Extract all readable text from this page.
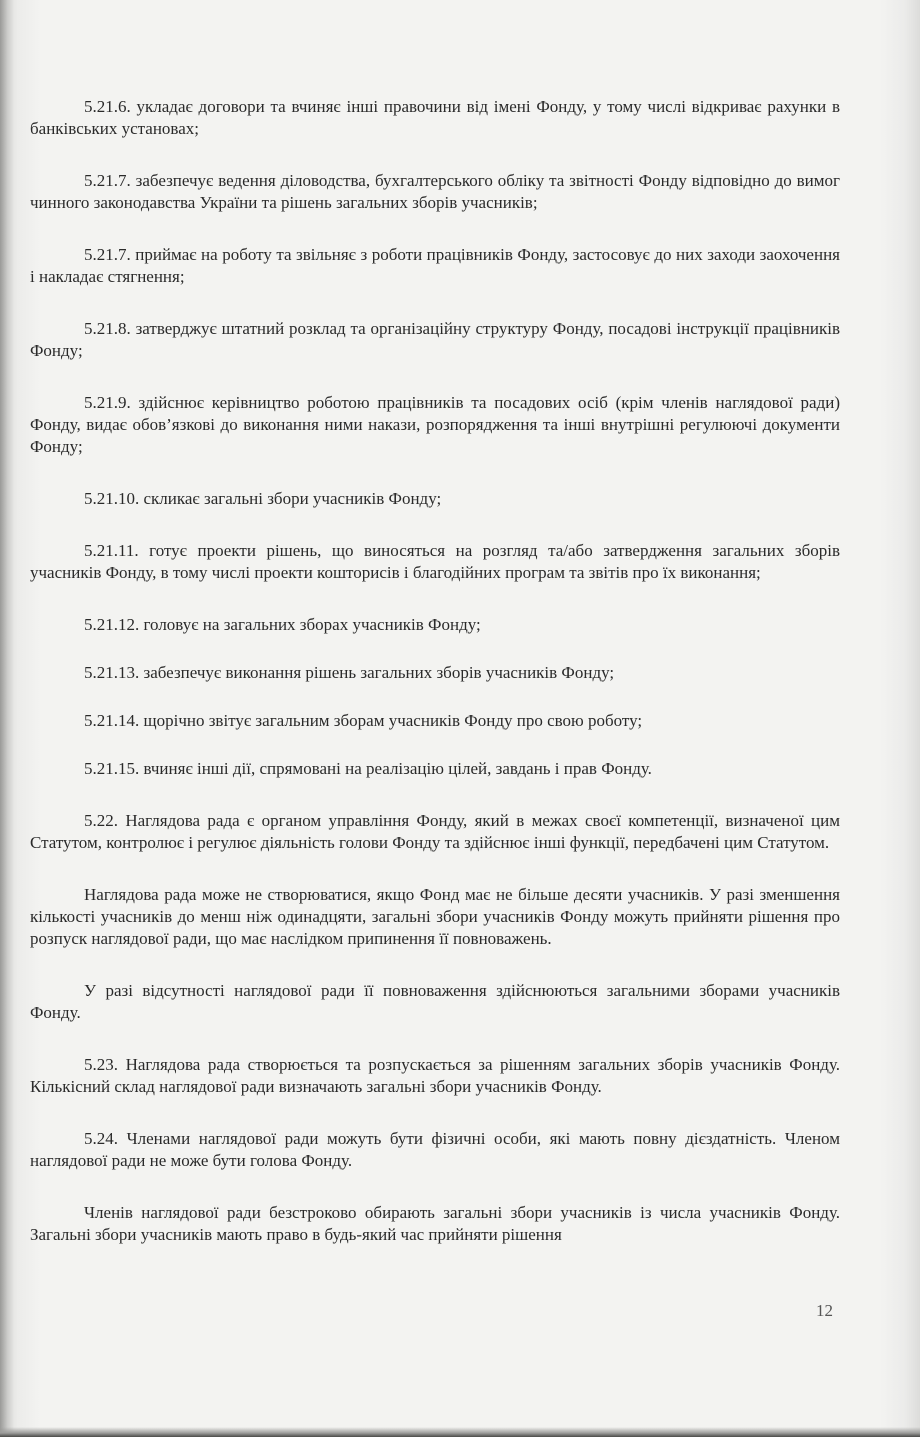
5.21.6. укладає договори та вчиняє інші правочини від імені Фонду, у тому числі відкриває рахунки в банківських установах;

5.21.7. забезпечує ведення діловодства, бухгалтерського обліку та звітності Фонду відповідно до вимог чинного законодавства України та рішень загальних зборів учасників;

5.21.7. приймає на роботу та звільняє з роботи працівників Фонду, застосовує до них заходи заохочення і накладає стягнення;

5.21.8. затверджує штатний розклад та організаційну структуру Фонду, посадові інструкції працівників Фонду;

5.21.9. здійснює керівництво роботою працівників та посадових осіб (крім членів наглядової ради) Фонду, видає обов’язкові до виконання ними накази, розпорядження та інші внутрішні регулюючі документи Фонду;

5.21.10. скликає загальні збори учасників Фонду;

5.21.11. готує проекти рішень, що виносяться на розгляд та/або затвердження загальних зборів учасників Фонду, в тому числі проекти кошторисів і благодійних програм та звітів про їх виконання;

5.21.12. головує на загальних зборах учасників Фонду;

5.21.13. забезпечує виконання рішень загальних зборів учасників Фонду;

5.21.14. щорічно звітує загальним зборам учасників Фонду про свою роботу;

5.21.15. вчиняє інші дії, спрямовані на реалізацію цілей, завдань і прав Фонду.

5.22. Наглядова рада є органом управління Фонду, який в межах своєї компетенції, визначеної цим Статутом, контролює і регулює діяльність голови Фонду та здійснює інші функції, передбачені цим Статутом.

Наглядова рада може не створюватися, якщо Фонд має не більше десяти учасників. У разі зменшення кількості учасників до менш ніж одинадцяти, загальні збори учасників Фонду можуть прийняти рішення про розпуск наглядової ради, що має наслідком припинення її повноважень.

У разі відсутності наглядової ради її повноваження здійснюються загальними зборами учасників Фонду.

5.23. Наглядова рада створюється та розпускається за рішенням загальних зборів учасників Фонду. Кількісний склад наглядової ради визначають загальні збори учасників Фонду.

5.24. Членами наглядової ради можуть бути фізичні особи, які мають повну дієздатність. Членом наглядової ради не може бути голова Фонду.

Членів наглядової ради безстроково обирають загальні збори учасників із числа учасників Фонду. Загальні збори учасників мають право в будь-який час прийняти рішення

12
